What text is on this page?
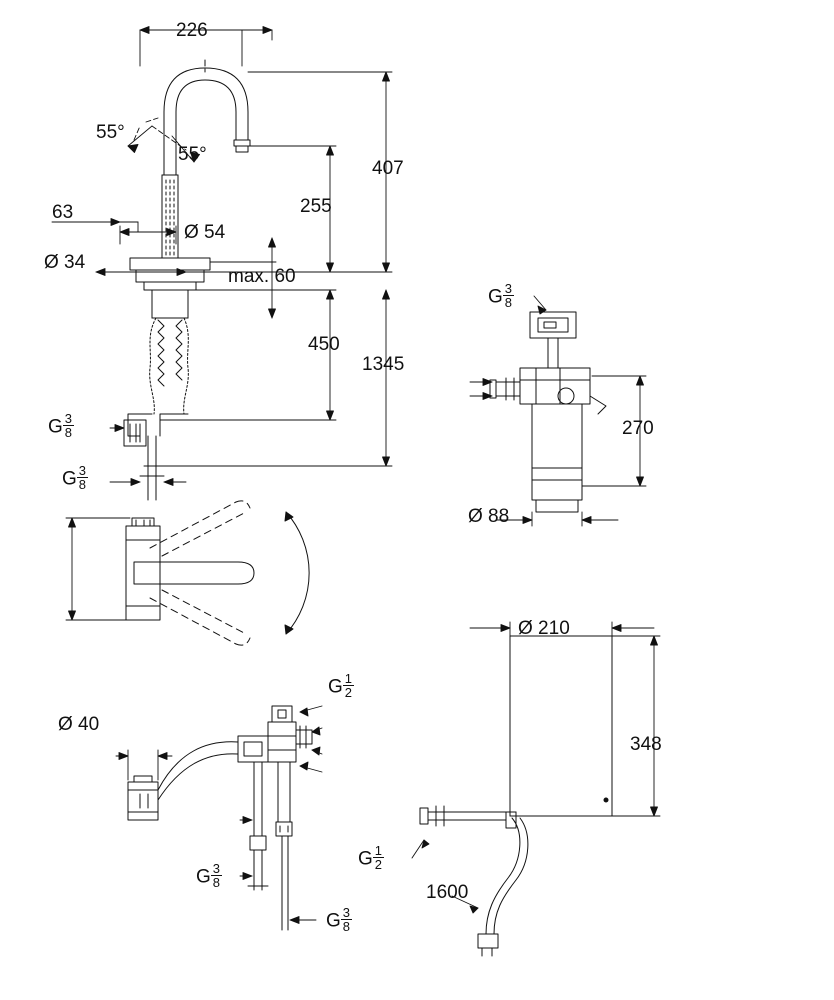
226
55°
55°
63
Ø 54
Ø 34
max. 60
255
407
450
1345
G $\frac{3}{8}$
G $\frac{3}{8}$
G $\frac{3}{8}$
270
Ø 88
Ø 40
G $\frac{1}{2}$
G $\frac{3}{8}$
G $\frac{3}{8}$
Ø 210
348
G $\frac{1}{2}$
1600
